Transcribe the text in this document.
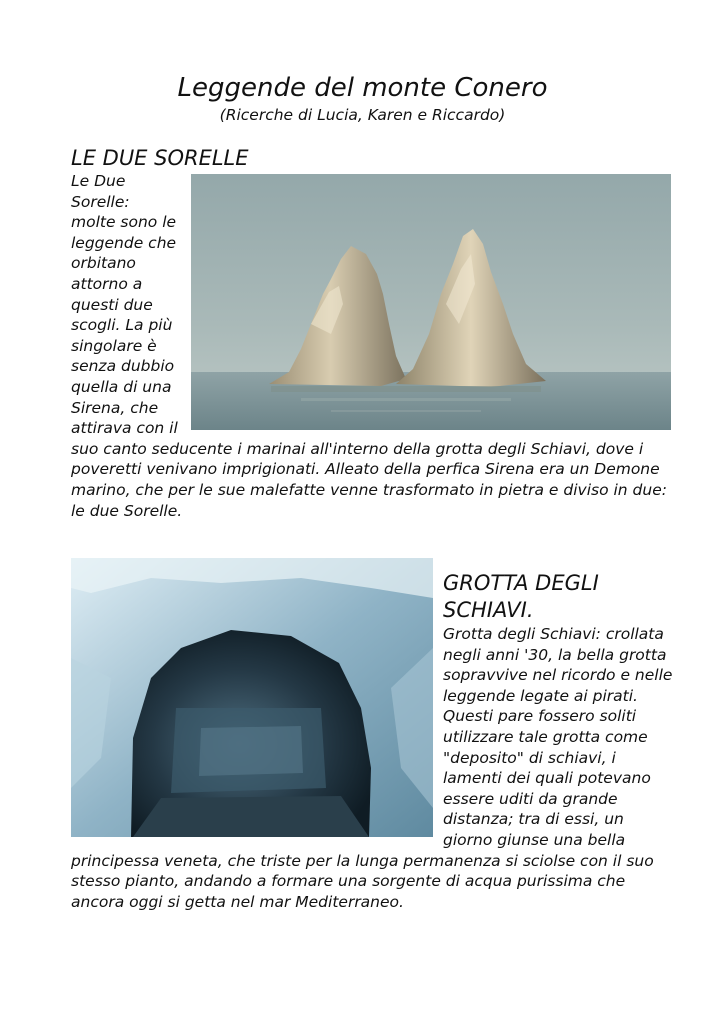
Leggende del monte Conero
(Ricerche di Lucia, Karen e Riccardo)
LE DUE SORELLE
Le Due Sorelle: molte sono le leggende che orbitano attorno a questi due scogli. La più singolare è senza dubbio quella di una Sirena, che attirava con il suo canto seducente i marinai all'interno della grotta degli Schiavi, dove i poveretti venivano imprigionati. Alleato della perfica Sirena era un Demone marino, che per le sue malefatte venne trasformato in pietra e diviso in due: le due Sorelle.
GROTTA DEGLI SCHIAVI.
Grotta degli Schiavi: crollata negli anni '30, la bella grotta sopravvive nel ricordo e nelle leggende legate ai pirati. Questi pare fossero soliti utilizzare tale grotta come "deposito" di schiavi, i lamenti dei quali potevano essere uditi da grande distanza; tra di essi, un giorno giunse una bella principessa veneta, che triste per la lunga permanenza si sciolse con il suo stesso pianto, andando a formare una sorgente di acqua purissima che ancora oggi si getta nel mar Mediterraneo.
